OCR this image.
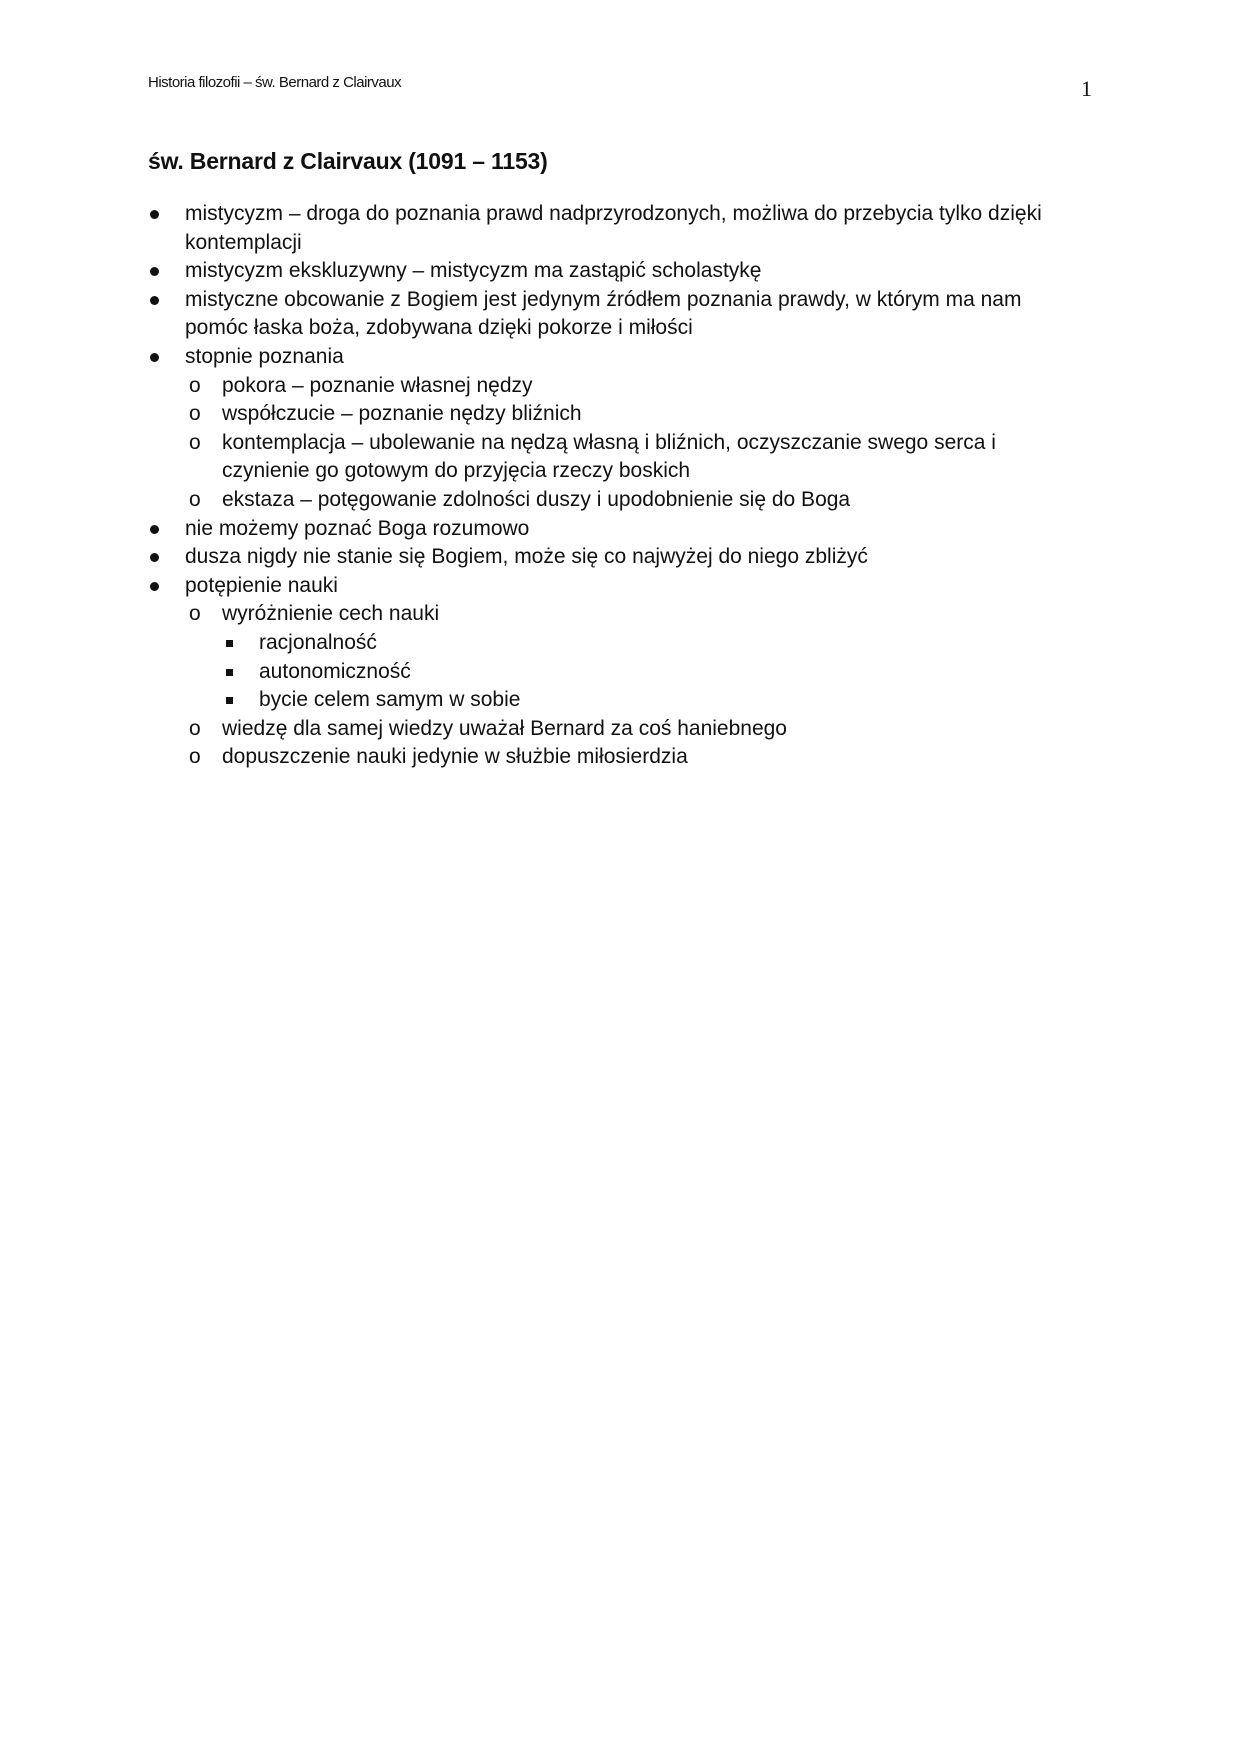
Historia filozofii – św. Bernard z Clairvaux	1
św. Bernard z Clairvaux (1091 – 1153)
mistycyzm – droga do poznania prawd nadprzyrodzonych, możliwa do przebycia tylko dzięki kontemplacji
mistycyzm ekskluzywny – mistycyzm ma zastąpić scholastykę
mistyczne obcowanie z Bogiem jest jedynym źródłem poznania prawdy, w którym ma nam pomóc łaska boża, zdobywana dzięki pokorze i miłości
stopnie poznania
o pokora – poznanie własnej nędzy
o współczucie – poznanie nędzy bliźnich
o kontemplacja – ubolewanie na nędzą własną i bliźnich, oczyszczanie swego serca i czynienie go gotowym do przyjęcia rzeczy boskich
o ekstaza – potęgowanie zdolności duszy i upodobnienie się do Boga
nie możemy poznać Boga rozumowo
dusza nigdy nie stanie się Bogiem, może się co najwyżej do niego zbliżyć
potępienie nauki
o wyróżnienie cech nauki
racjonalność
autonomiczność
bycie celem samym w sobie
o wiedzę dla samej wiedzy uważał Bernard za coś haniebnego
o dopuszczenie nauki jedynie w służbie miłosierdzia
